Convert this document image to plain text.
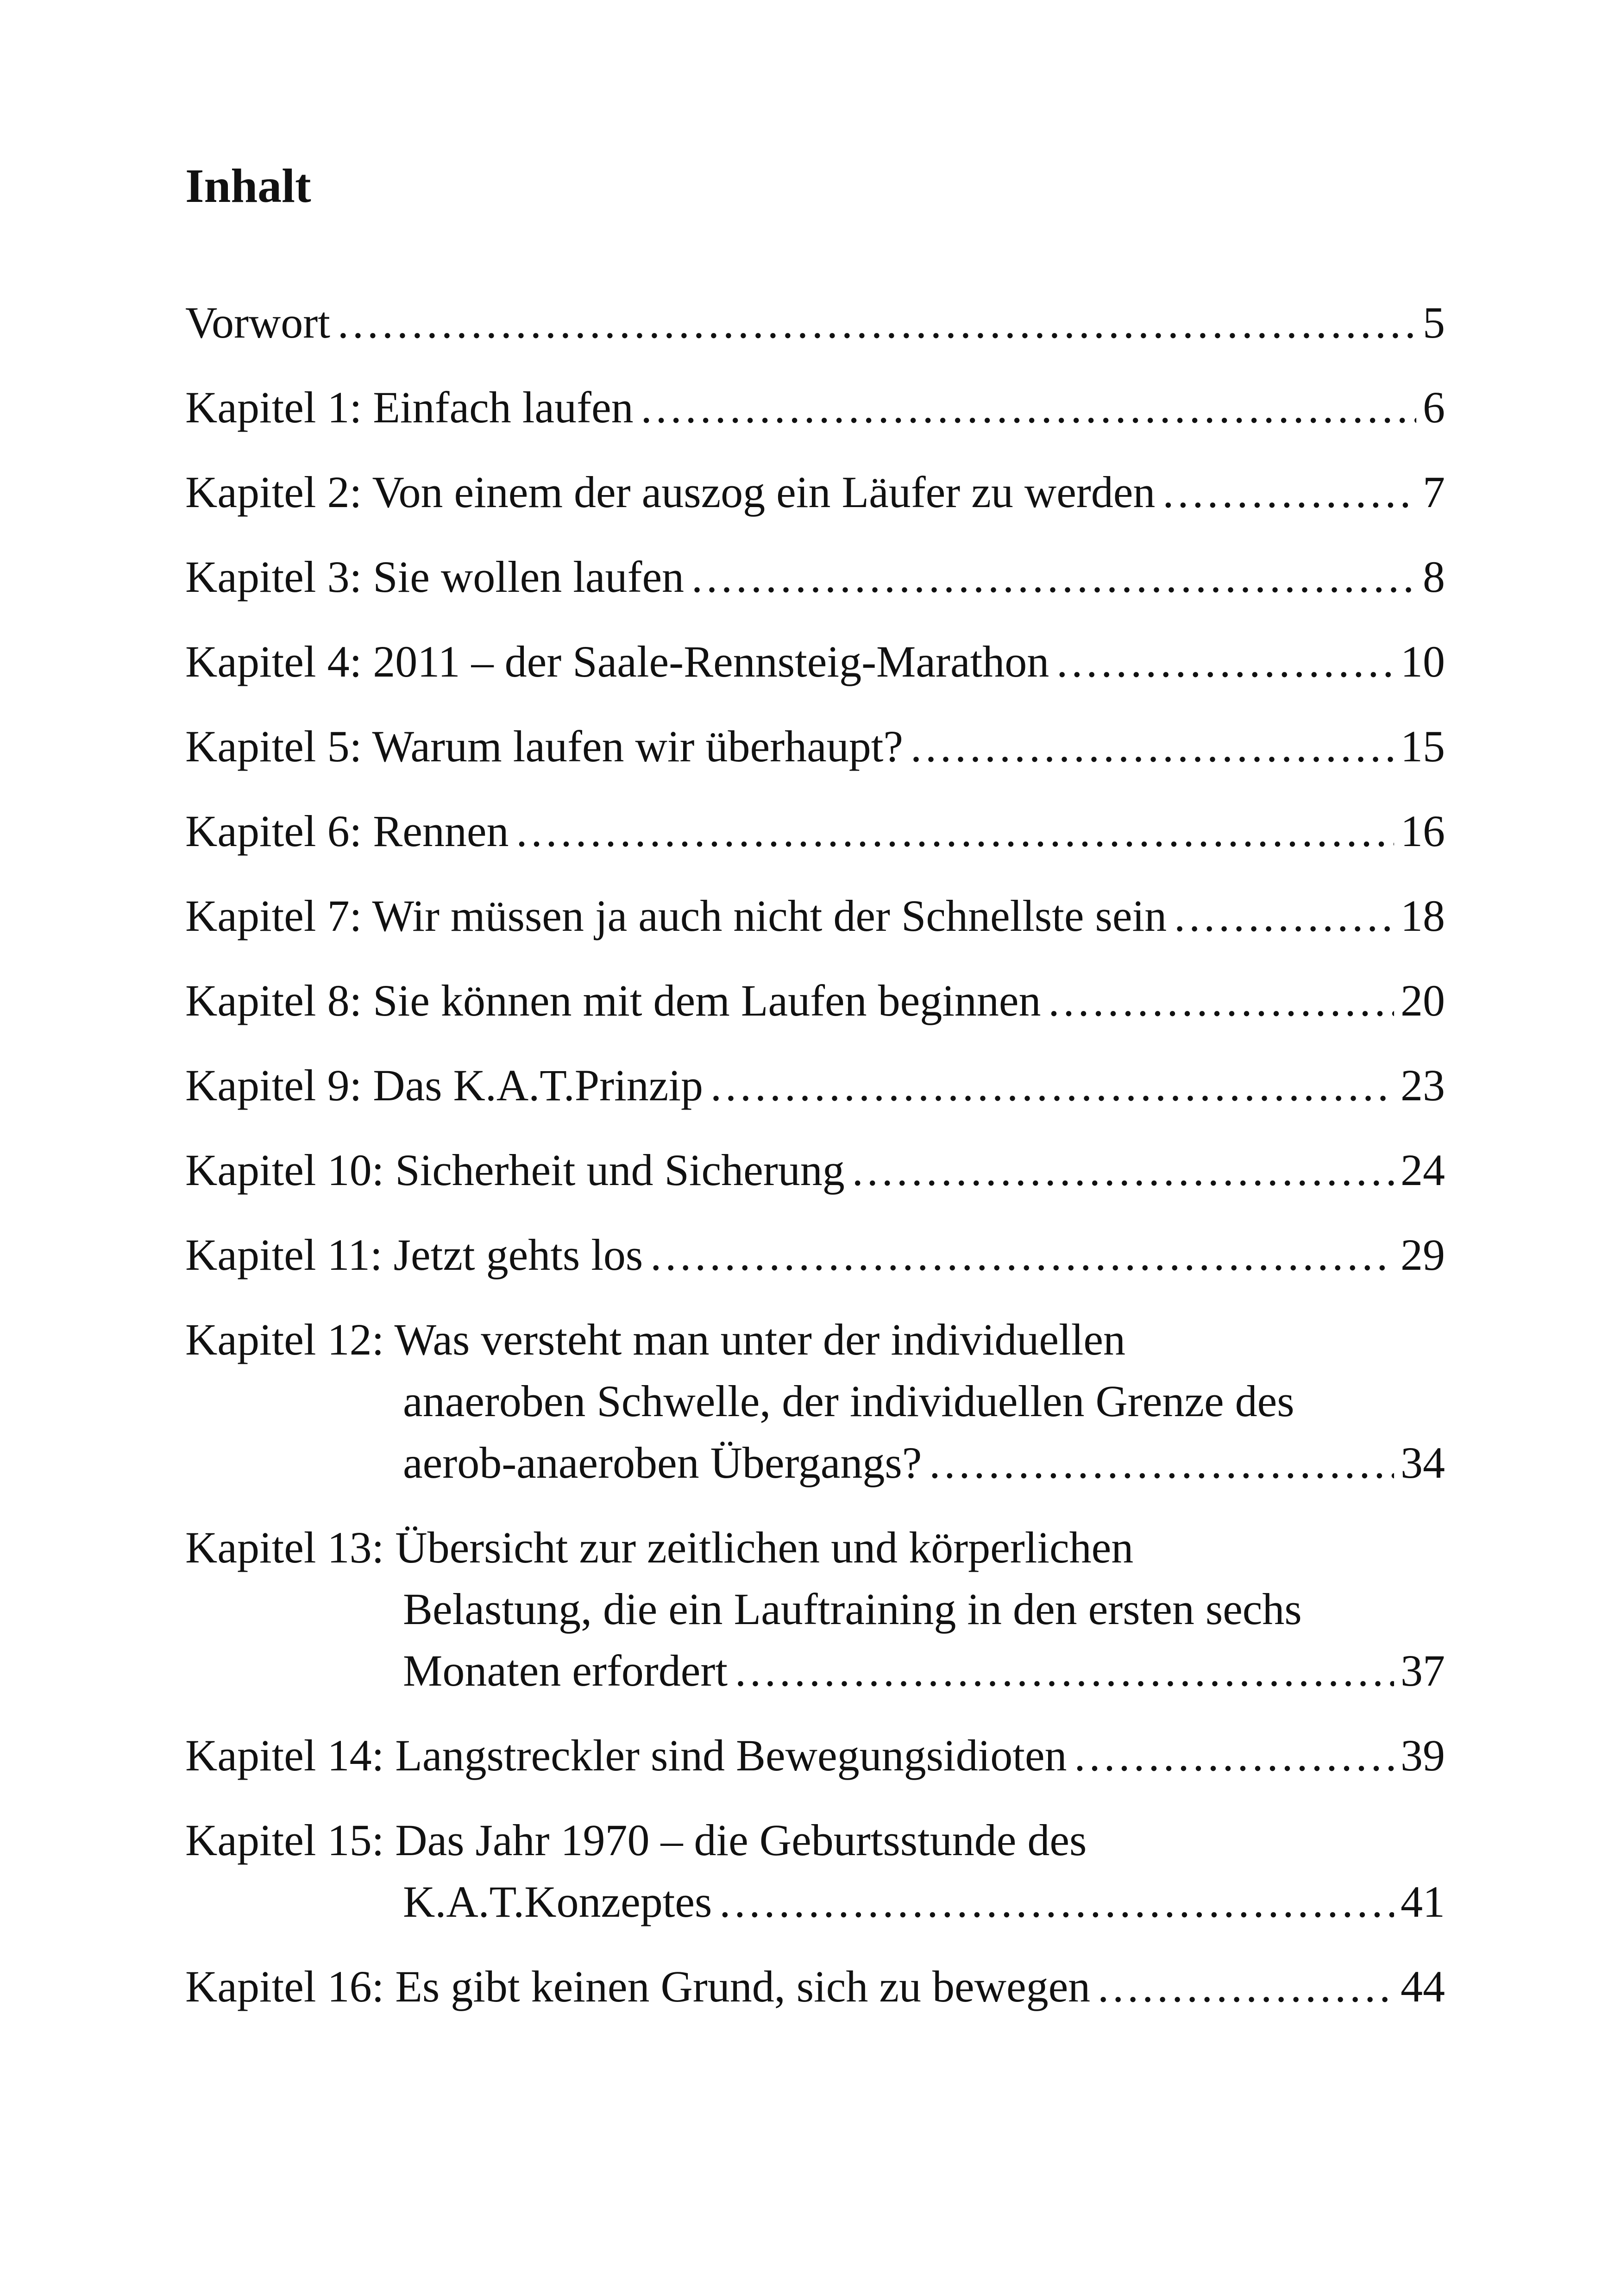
Inhalt
Vorwort . . .	5
Kapitel 1: Einfach laufen . . .	6
Kapitel 2: Von einem der auszog ein Läufer zu werden . . .	7
Kapitel 3: Sie wollen laufen . . .	8
Kapitel 4: 2011 – der Saale-Rennsteig-Marathon . . .	10
Kapitel 5: Warum laufen wir überhaupt? . . .	15
Kapitel 6: Rennen . . .	16
Kapitel 7: Wir müssen ja auch nicht der Schnellste sein . . .	18
Kapitel 8: Sie können mit dem Laufen beginnen . . .	20
Kapitel 9: Das K.A.T.Prinzip . . .	23
Kapitel 10: Sicherheit und Sicherung . . .	24
Kapitel 11: Jetzt gehts los . . .	29
Kapitel 12: Was versteht man unter der individuellen
anaeroben Schwelle, der individuellen Grenze des
aerob-anaeroben Übergangs? . . .	34
Kapitel 13: Übersicht zur zeitlichen und körperlichen
Belastung, die ein Lauftraining in den ersten sechs
Monaten erfordert . . .	37
Kapitel 14: Langstreckler sind Bewegungsidioten . . .	39
Kapitel 15: Das Jahr 1970 – die Geburtsstunde des
K.A.T.Konzeptes . . .	41
Kapitel 16: Es gibt keinen Grund, sich zu bewegen . . .	44
